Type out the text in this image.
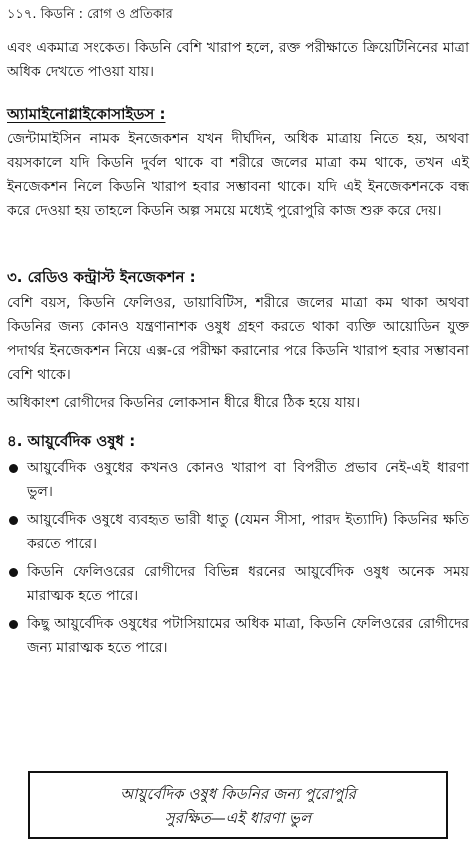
১১৭. কিডনি : রোগ ও প্রতিকার
এবং একমাত্র সংকেত। কিডনি বেশি খারাপ হলে, রক্ত পরীক্ষাতে ক্রিয়েটিনিনের মাত্রা অধিক দেখতে পাওয়া যায়।
অ্যামাইনোগ্লাইকোসাইডস :
জেন্টামাইসিন নামক ইনজেকশন যখন দীর্ঘদিন, অধিক মাত্রায় নিতে হয়, অথবা বয়সকালে যদি কিডনি দুর্বল থাকে বা শরীরে জলের মাত্রা কম থাকে, তখন এই ইনজেকশন নিলে কিডনি খারাপ হবার সম্ভাবনা থাকে। যদি এই ইনজেকশনকে বন্ধ করে দেওয়া হয় তাহলে কিডনি অল্প সময়ে মধ্যেই পুরোপুরি কাজ শুরু করে দেয়।
৩. রেডিও কন্ট্রাস্ট ইনজেকশন :
বেশি বয়স, কিডনি ফেলিওর, ডায়াবিটিস, শরীরে জলের মাত্রা কম থাকা অথবা কিডনির জন্য কোনও যন্ত্রণানাশক ওষুধ গ্রহণ করতে থাকা ব্যক্তি আয়োডিন যুক্ত পদার্থর ইনজেকশন নিয়ে এক্স-রে পরীক্ষা করানোর পরে কিডনি খারাপ হবার সম্ভাবনা বেশি থাকে।
অধিকাংশ রোগীদের কিডনির লোকসান ধীরে ধীরে ঠিক হয়ে যায়।
৪. আয়ুর্বেদিক ওষুধ :
আয়ুর্বেদিক ওষুধের কখনও কোনও খারাপ বা বিপরীত প্রভাব নেই-এই ধারণা ভুল।
আয়ুর্বেদিক ওষুধে ব্যবহৃত ভারী ধাতু (যেমন সীসা, পারদ ইত্যাদি) কিডনির ক্ষতি করতে পারে।
কিডনি ফেলিওরের রোগীদের বিভিন্ন ধরনের আয়ুর্বেদিক ওষুধ অনেক সময় মারাত্মক হতে পারে।
কিছু আয়ুর্বেদিক ওষুধের পটাসিয়ামের অধিক মাত্রা, কিডনি ফেলিওরের রোগীদের জন্য মারাত্মক হতে পারে।
আয়ুর্বেদিক ওষুধ কিডনির জন্য পুরোপুরি
সুরক্ষিত—এই ধারণা ভুল
